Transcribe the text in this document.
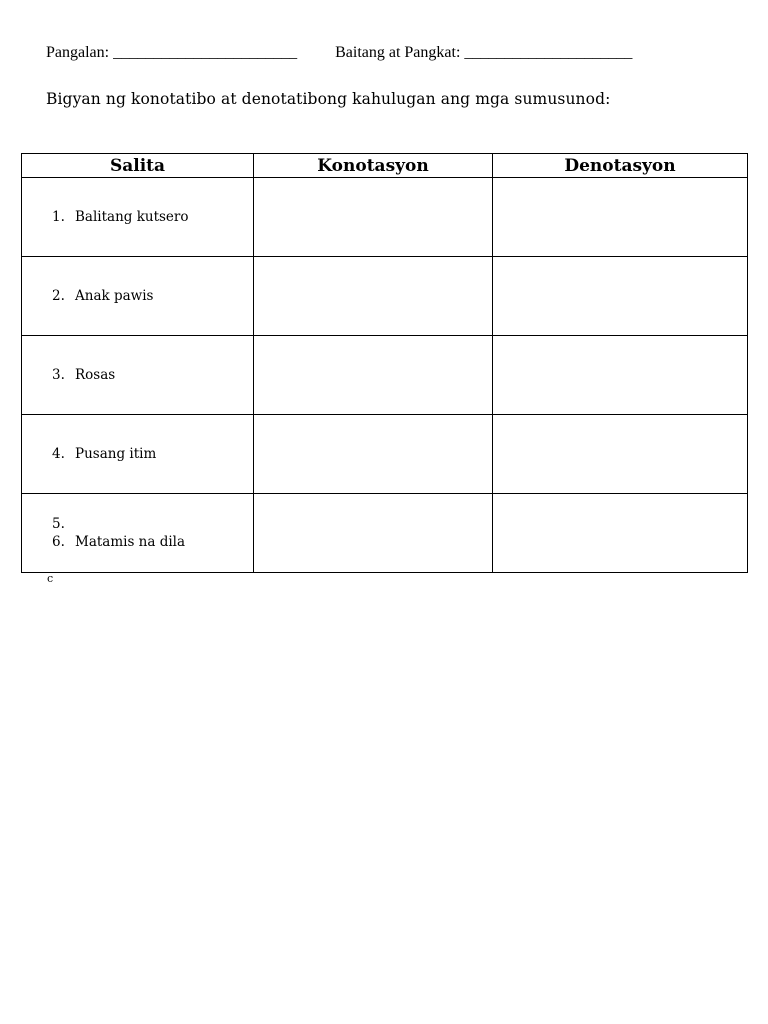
Pangalan: _______________________ Baitang at Pangkat: _____________________
Bigyan ng konotatibo at denotatibong kahulugan ang mga sumusunod:
Salita	Konotasyon	Denotasyon

1. Balitang kutsero		

2. Anak pawis		

3. Rosas		

4. Pusang itim		

5.
6. Matamis na dila		

c
